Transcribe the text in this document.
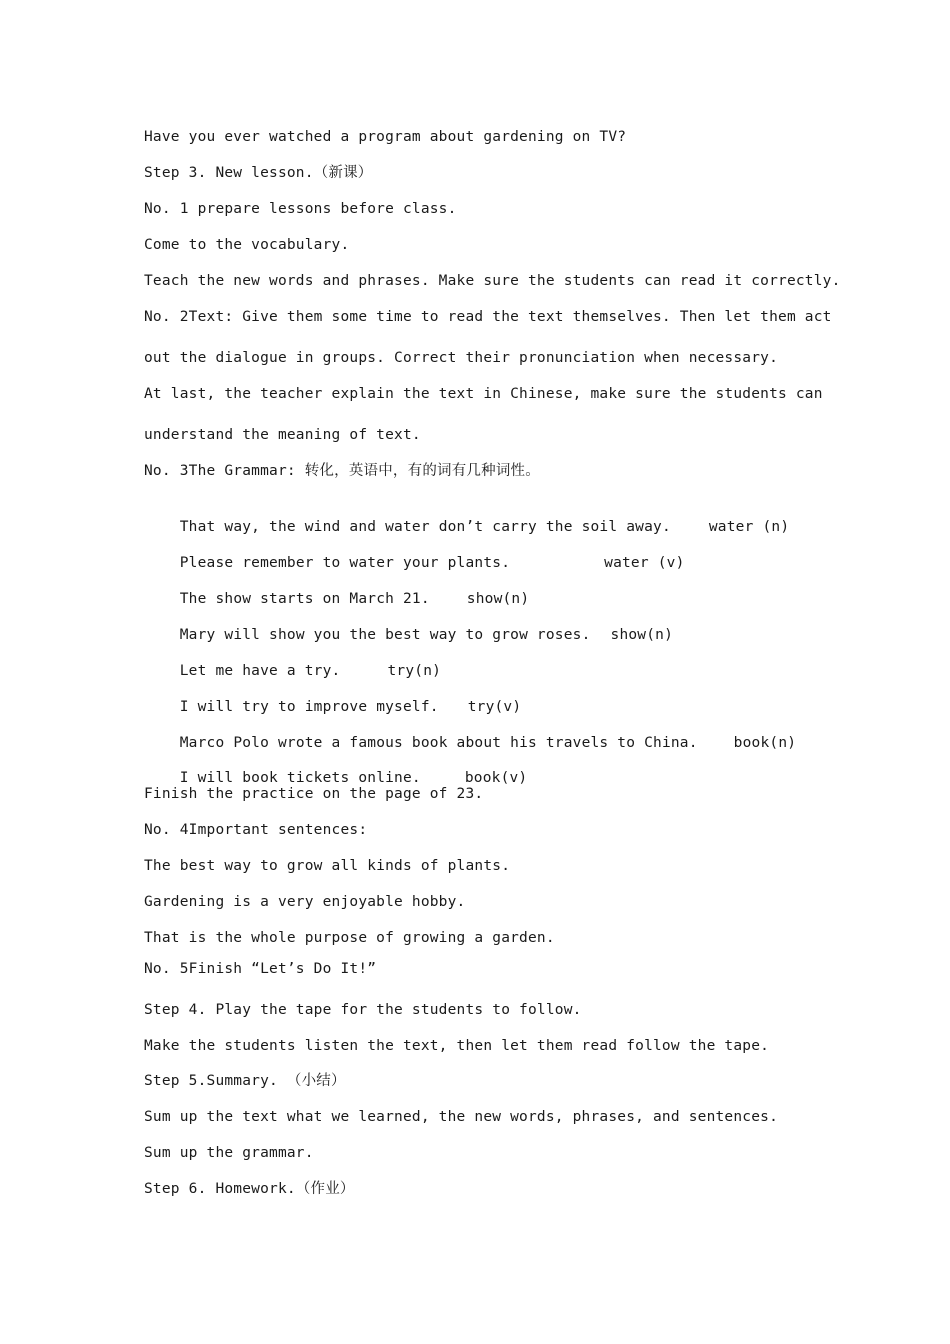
Have you ever watched a program about gardening on TV?
Step 3. New lesson.（新课）
No. 1 prepare lessons before class.
Come to the vocabulary.
Teach the new words and phrases. Make sure the students can read it correctly.
No. 2Text: Give them some time to read the text themselves. Then let them act
out the dialogue in groups. Correct their pronunciation when necessary.
At last, the teacher explain the text in Chinese, make sure the students can
understand the meaning of text.
No. 3The Grammar: 转化，英语中，有的词有几种词性。

That way, the wind and water don’t carry the soil away.	water (n)

Please remember to water your plants.	water (v)

The show starts on March 21.	show(n)

Mary will show you the best way to grow roses. show(n)

Let me have a try.	try(n)

I will try to improve myself. try(v)

Marco Polo wrote a famous book about his travels to China. book(n)

I will book tickets online.	book(v)

Finish the practice on the page of 23.
No. 4Important sentences:
The best way to grow all kinds of plants.
Gardening is a very enjoyable hobby.
That is the whole purpose of growing a garden.
No. 5Finish “Let’s Do It!”
Step 4. Play the tape for the students to follow.
Make the students listen the text, then let them read follow the tape.
Step 5.Summary. （小结）
Sum up the text what we learned, the new words, phrases, and sentences.
Sum up the grammar.
Step 6. Homework.（作业）
